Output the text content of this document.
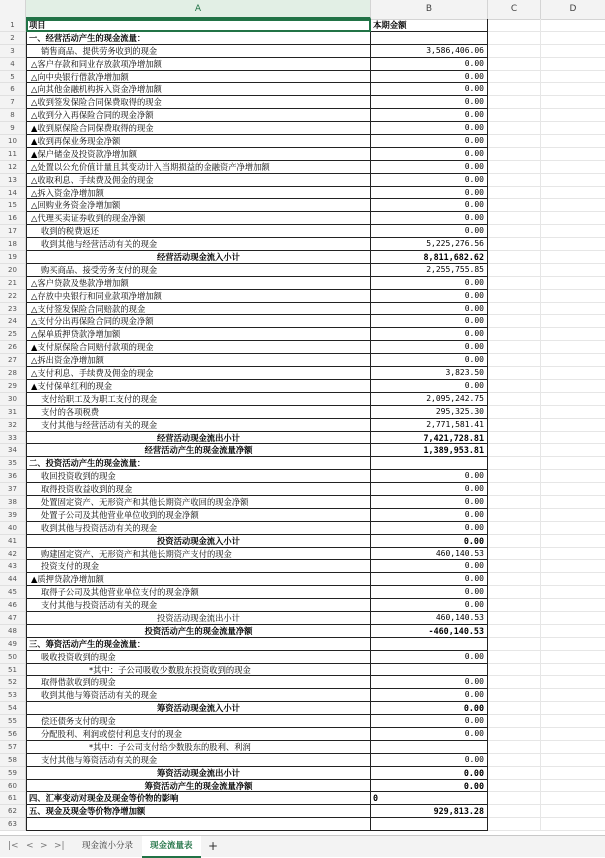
A	B	C	D
1	项目	本期金额
2	一、经营活动产生的现金流量：
3	销售商品、提供劳务收到的现金	3,586,406.06
4	△客户存款和同业存放款项净增加额	0.00
5	△向中央银行借款净增加额	0.00
6	△向其他金融机构拆入资金净增加额	0.00
7	△收到签发保险合同保费取得的现金	0.00
8	△收到分入再保险合同的现金净额	0.00
9	▲收到原保险合同保费取得的现金	0.00
10	▲收到再保业务现金净额	0.00
11	▲保户储金及投资款净增加额	0.00
12	△处置以公允价值计量且其变动计入当期损益的金融资产净增加额	0.00
13	△收取利息、手续费及佣金的现金	0.00
14	△拆入资金净增加额	0.00
15	△回购业务资金净增加额	0.00
16	△代理买卖证券收到的现金净额	0.00
17	收到的税费返还	0.00
18	收到其他与经营活动有关的现金	5,225,276.56
19	经营活动现金流入小计	8,811,682.62
20	购买商品、接受劳务支付的现金	2,255,755.85
21	△客户贷款及垫款净增加额	0.00
22	△存放中央银行和同业款项净增加额	0.00
23	△支付签发保险合同赔款的现金	0.00
24	△支付分出再保险合同的现金净额	0.00
25	△保单质押贷款净增加额	0.00
26	▲支付原保险合同赔付款项的现金	0.00
27	△拆出资金净增加额	0.00
28	△支付利息、手续费及佣金的现金	3,823.50
29	▲支付保单红利的现金	0.00
30	支付给职工及为职工支付的现金	2,095,242.75
31	支付的各项税费	295,325.30
32	支付其他与经营活动有关的现金	2,771,581.41
33	经营活动现金流出小计	7,421,728.81
34	经营活动产生的现金流量净额	1,389,953.81
35	二、投资活动产生的现金流量：
36	收回投资收到的现金	0.00
37	取得投资收益收到的现金	0.00
38	处置固定资产、无形资产和其他长期资产收回的现金净额	0.00
39	处置子公司及其他营业单位收到的现金净额	0.00
40	收到其他与投资活动有关的现金	0.00
41	投资活动现金流入小计	0.00
42	购建固定资产、无形资产和其他长期资产支付的现金	460,140.53
43	投资支付的现金	0.00
44	▲质押贷款净增加额	0.00
45	取得子公司及其他营业单位支付的现金净额	0.00
46	支付其他与投资活动有关的现金	0.00
47	投资活动现金流出小计	460,140.53
48	投资活动产生的现金流量净额	-460,140.53
49	三、筹资活动产生的现金流量：
50	吸收投资收到的现金	0.00
51	*其中：子公司吸收少数股东投资收到的现金
52	取得借款收到的现金	0.00
53	收到其他与筹资活动有关的现金	0.00
54	筹资活动现金流入小计	0.00
55	偿还债务支付的现金	0.00
56	分配股利、利润或偿付利息支付的现金	0.00
57	*其中：子公司支付给少数股东的股利、利润
58	支付其他与筹资活动有关的现金	0.00
59	筹资活动现金流出小计	0.00
60	筹资活动产生的现金流量净额	0.00
61	四、汇率变动对现金及现金等价物的影响	0
62	五、现金及现金等价物净增加额	929,813.28
63
|< < > >|	现金流小分录	现金流量表	+
